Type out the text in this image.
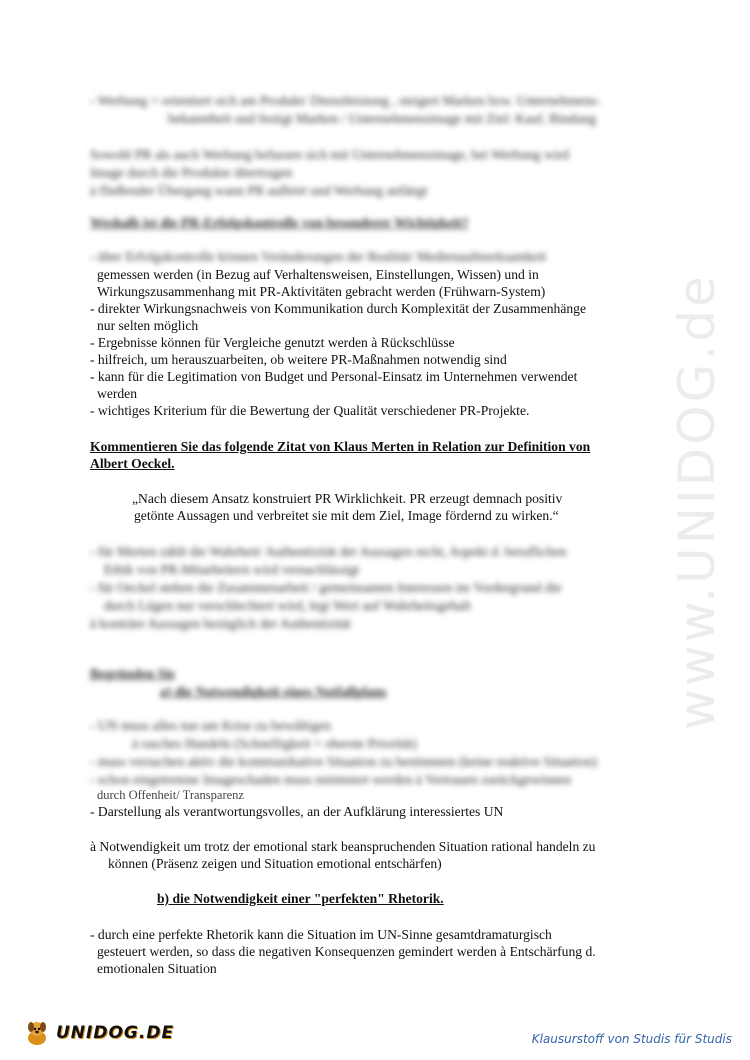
www.UNIDOG.de
- Werbung = orientiert sich am Produkt/ Dienstleistung , steigert Marken bzw. Unternehmens-
bekanntheit und festigt Marken / Unternehmensimage mit Ziel: Kauf, Bindung
Sowohl PR als auch Werbung befassen sich mit Unternehmensimage, bei Werbung wird
Image durch die Produkte übertragen
à fließender Übergang wann PR aufhört und Werbung anfängt
Weshalb ist die PR-Erfolgskontrolle von besonderer Wichtigkeit?
- über Erfolgskontrolle können Veränderungen der Realität/ Medienaufmerksamkeit
gemessen werden (in Bezug auf Verhaltensweisen, Einstellungen, Wissen) und in
Wirkungszusammenhang mit PR-Aktivitäten gebracht werden (Frühwarn-System)
- direkter Wirkungsnachweis von Kommunikation durch Komplexität der Zusammenhänge
nur selten möglich
- Ergebnisse können für Vergleiche genutzt werden à Rückschlüsse
- hilfreich, um herauszuarbeiten, ob weitere PR-Maßnahmen notwendig sind
- kann für die Legitimation von Budget und Personal-Einsatz im Unternehmen verwendet
werden
- wichtiges Kriterium für die Bewertung der Qualität verschiedener PR-Projekte.
Kommentieren Sie das folgende Zitat von Klaus Merten in Relation zur Definition von
Albert Oeckel.
„Nach diesem Ansatz konstruiert PR Wirklichkeit. PR erzeugt demnach positiv
getönte Aussagen und verbreitet sie mit dem Ziel, Image fördernd zu wirken.“
- für Merten zählt die Wahrheit/ Authentizität der Aussagen nicht, Aspekt d. beruflichen
Ethik von PR-Mitarbeitern wird vernachlässigt
- für Oeckel stehen die Zusammenarbeit / gemeinsamen Interessen im Vordergrund die
durch Lügen nur verschlechtert wird, legt Wert auf Wahrheitsgehalt
à konträre Aussagen bezüglich der Authentizität
Begründen Sie
a) die Notwendigkeit eines Notfallplans
- UN muss alles tun um Krise zu bewältigen
à rasches Handeln (Schnelligkeit = oberste Priorität)
- muss versuchen aktiv die kommunikative Situation zu bestimmen (keine reaktive Situation)
- schon eingetretene Imageschaden muss minimiert werden à Vertrauen zurückgewinnen
durch Offenheit/ Transparenz
- Darstellung als verantwortungsvolles, an der Aufklärung interessiertes UN
à Notwendigkeit um trotz der emotional stark beanspruchenden Situation rational handeln zu
können (Präsenz zeigen und Situation emotional entschärfen)
b) die Notwendigkeit einer "perfekten" Rhetorik.
- durch eine perfekte Rhetorik kann die Situation im UN-Sinne gesamtdramaturgisch
gesteuert werden, so dass die negativen Konsequenzen gemindert werden à Entschärfung d.
emotionalen Situation
UNIDOG.DE	Klausurstoff von Studis für Studis
